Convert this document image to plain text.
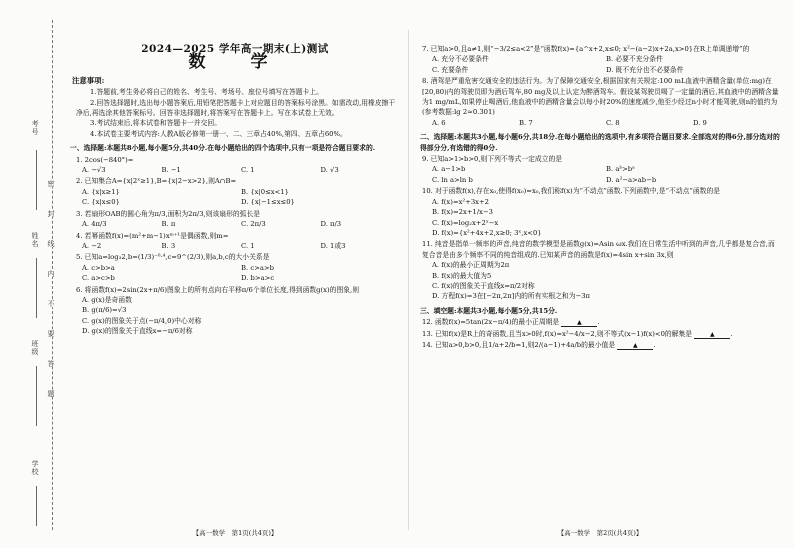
考号
姓名
班级
学校
密
封
线
内
不
要
答
题
2024—2025 学年高一期末(上)测试
数　学
注意事项:
1.答题前,考生务必将自己的姓名、考生号、考场号、座位号填写在答题卡上。
2.回答选择题时,选出每小题答案后,用铅笔把答题卡上对应题目的答案标号涂黑。如需改动,用橡皮擦干净后,再选涂其他答案标号。回答非选择题时,将答案写在答题卡上。写在本试卷上无效。
3.考试结束后,将本试卷和答题卡一并交回。
4.本试卷主要考试内容:人教A版必修第一册一、二、三章占40%,第四、五章占60%。
一、选择题:本题共8小题,每小题5分,共40分.在每小题给出的四个选项中,只有一项是符合题目要求的.
1. 2cos(−840°)=
A. −√3	B. −1	C. 1	D. √3
2. 已知集合A={x|2ˣ≥1},B={x|2−x>2},则A∩B=
A. {x|x≥1}	B. {x|0≤x<1}
C. {x|x≤0}	D. {x|−1≤x≤0}
3. 若扇形OAB的圆心角为π/3,面积为2π/3,则该扇形的弧长是
A. 4π/3	B. π	C. 2π/3	D. π/3
4. 若幂函数f(x)=(m²+m−1)xᵐ⁺¹是偶函数,则m=
A. −2	B. 3	C. 1	D. 1或3
5. 已知a=log₃2,b=(1/3)⁻⁰·⁴,c=9^(2/3),则a,b,c的大小关系是
A. c>b>a	B. c>a>b
C. a>c>b	D. b>a>c
6. 将函数f(x)=2sin(2x+π/6)图象上的所有点向右平移π/6个单位长度,得到函数g(x)的图象,则
A. g(x)是奇函数
B. g(π/6)=√3
C. g(x)的图象关于点(−π/4,0)中心对称
D. g(x)的图象关于直线x=−π/6对称
【高一数学　第1页(共4页)】
7. 已知a>0,且a≠1,则“−3/2≤a<2”是“函数f(x)={a^x+2,x≤0; x²−(a−2)x+2a,x>0}在R上单调递增”的
A. 充分不必要条件	B. 必要不充分条件
C. 充要条件	D. 既不充分也不必要条件
8. 酒驾是严重危害交通安全的违法行为。为了保障交通安全,根据国家有关规定:100 mL血液中酒精含量(单位:mg)在[20,80)内的驾驶员即为酒后驾车,80 mg及以上认定为醉酒驾车。假设某驾驶员喝了一定量的酒后,其血液中的酒精含量为1 mg/mL,如果停止喝酒后,他血液中的酒精含量会以每小时20%的速度减少,他至少经过n小时才能驾驶,则n的值约为(参考数据:lg 2≈0.301)
A. 6	B. 7	C. 8	D. 9
二、选择题:本题共3小题,每小题6分,共18分.在每小题给出的选项中,有多项符合题目要求.全部选对的得6分,部分选对的得部分分,有选错的得0分.
9. 已知a>1>b>0,则下列不等式一定成立的是
A. a−1>b	B. aᵇ>bᵃ
C. ln a>ln b	D. a²−a>ab−b
10. 对于函数f(x),存在x₀,使得f(x₀)=x₀,我们称f(x)为“不动点”函数.下列函数中,是“不动点”函数的是
A. f(x)=x²+3x+2
B. f(x)=2x+1/x−3
C. f(x)=log₂x+2ˣ−x
D. f(x)={x²+4x+2,x≥0; 3ˣ,x<0}
11. 纯音是指单一频率的声音,纯音的数学模型是函数g(x)=Asin ωx.我们在日常生活中听到的声音,几乎都是复合音,而复合音是由多个频率不同的纯音组成的.已知某声音的函数是f(x)=4sin x+sin 3x,则
A. f(x)的最小正周期为2π
B. f(x)的最大值为5
C. f(x)的图象关于直线x=π/2对称
D. 方程f(x)=3在[−2π,2π]内的所有实根之和为−3π
三、填空题:本题共3小题,每小题5分,共15分.
12. 函数f(x)=5tan(2x−π/4)的最小正周期是	▲ .
13. 已知f(x)是R上的奇函数,且当x>0时,f(x)=x²−4/x−2,则不等式(x−1)f(x)<0的解集是	▲ .
14. 已知a>0,b>0,且1/a+2/b=1,则2/(a−1)+4a/b的最小值是	▲ .
【高一数学　第2页(共4页)】
